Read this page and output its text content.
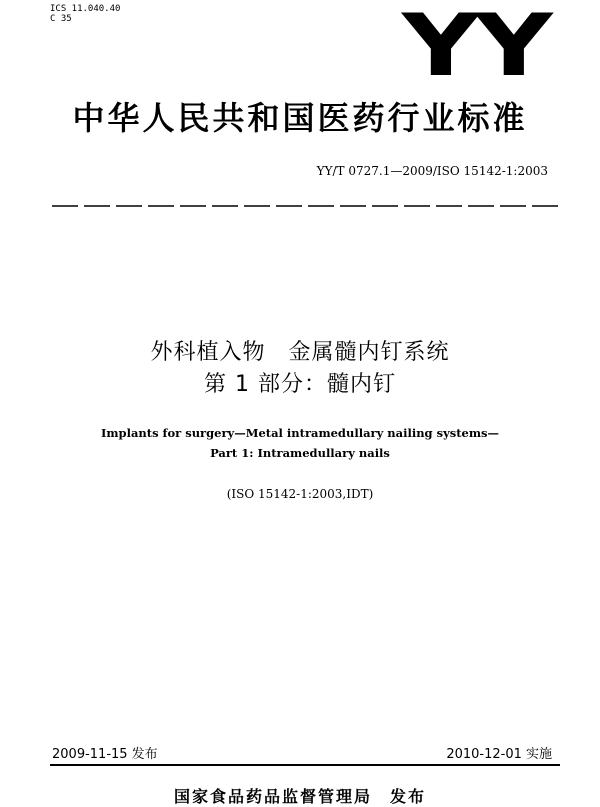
ICS 11.040.40
C 35	YY
中华人民共和国医药行业标准
YY/T 0727.1—2009/ISO 15142-1:2003
外科植入物　金属髓内钉系统
第 1 部分：髓内钉
Implants for surgery—Metal intramedullary nailing systems—
Part 1: Intramedullary nails
(ISO 15142-1:2003,IDT)
2009-11-15 发布	2010-12-01 实施
国家食品药品监督管理局　发布
